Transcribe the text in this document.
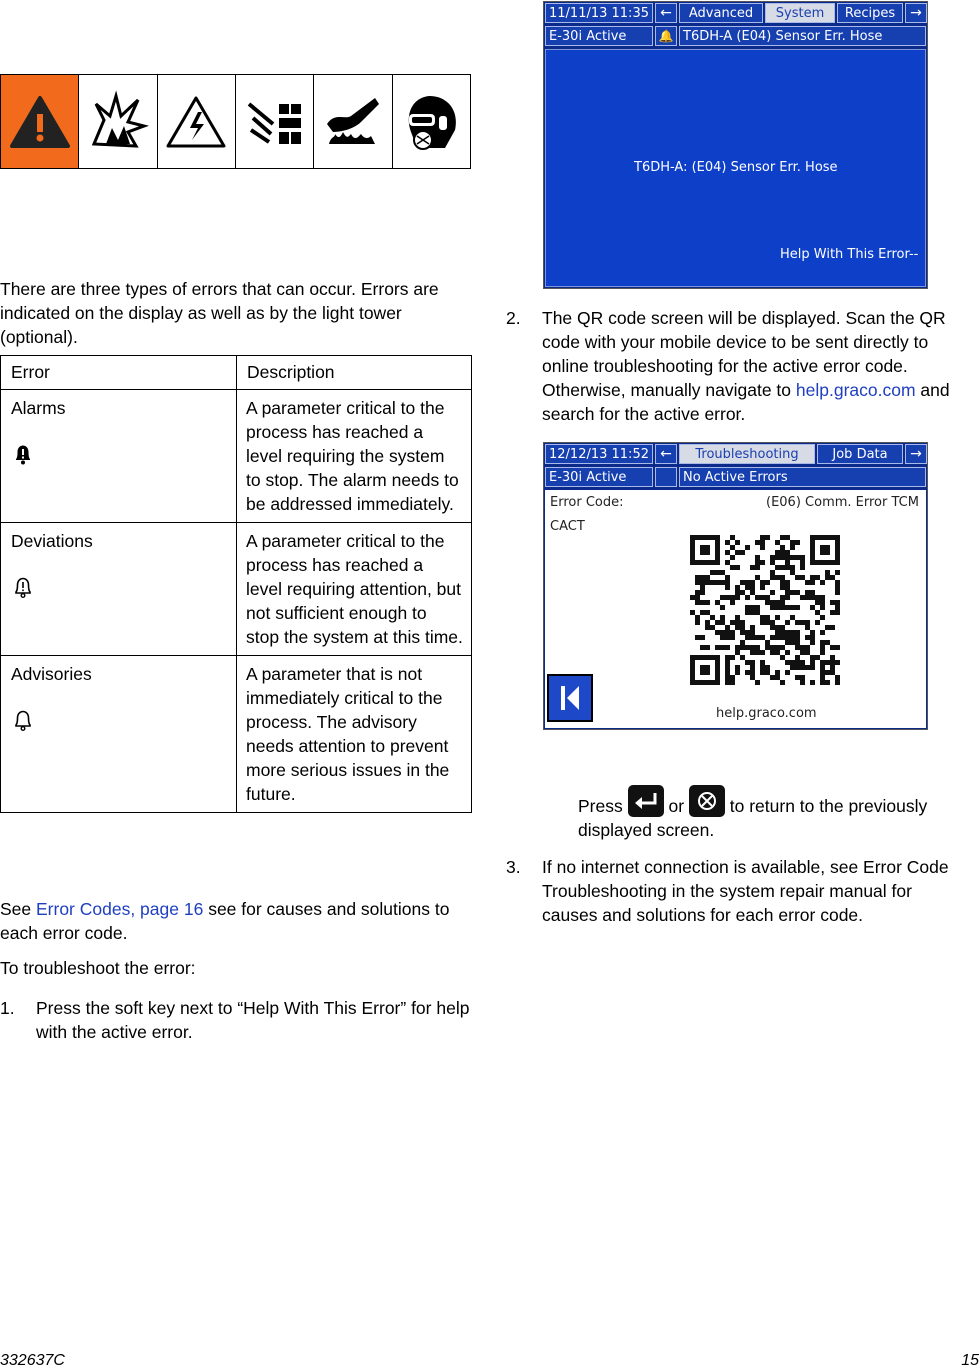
There are three types of errors that can occur. Errors are indicated on the display as well as by the light tower (optional).

Error	Description
Alarms	A parameter critical to the process has reached a level requiring the system to stop. The alarm needs to be addressed immediately.
Deviations	A parameter critical to the process has reached a level requiring attention, but not sufficient enough to stop the system at this time.
Advisories	A parameter that is not immediately critical to the process. The advisory needs attention to prevent more serious issues in the future.

See Error Codes, page 16 see for causes and solutions to each error code.

To troubleshoot the error:

1. Press the soft key next to “Help With This Error” for help with the active error.
11/11/13 11:35 ←	Advanced	System	Recipes	→
E-30i Active	🔔 T6DH-A (E04) Sensor Err. Hose
T6DH-A: (E04) Sensor Err. Hose
Help With This Error--
2. The QR code screen will be displayed. Scan the QR code with your mobile device to be sent directly to online troubleshooting for the active error code. Otherwise, manually navigate to help.graco.com and search for the active error.
12/12/13 11:52 ←	Troubleshooting	Job Data	→
E-30i Active	No Active Errors
Error Code:	(E06) Comm. Error TCM
CACT
help.graco.com
Press  or  to return to the previously displayed screen.
3. If no internet connection is available, see Error Code Troubleshooting in the system repair manual for causes and solutions for each error code.
332637C	15
